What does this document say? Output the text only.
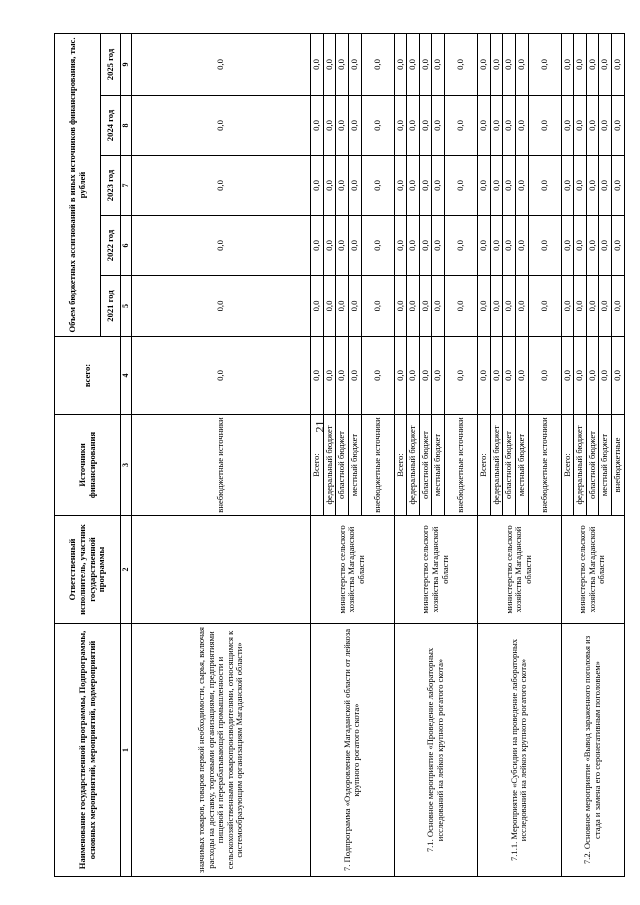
21
Наименование государственной программы, Подпрограммы, основных мероприятий, мероприятий, подмероприятий	Ответственный исполнитель, участник государственной программы	Источники финансирования	всего:	Объем бюджетных ассигнований в иных источников финансирования, тыс. рублей				
				2021 год	2022 год	2023 год	2024 год	2025 год
1	2	3	4	5	6	7	8	9
значимых товаров, товаров первой необходимости, сырья, включая расходы на доставку, торговыми организациями, предприятиями пищевой и перерабатывающей промышленности и сельскохозяйственными товаропроизводителями, относящимся к системообразующим организациям Магаданской области»		внебюджетные источники	0,0	0,0	0,0	0,0	0,0	0,0
7. Подпрограмма «Оздоровление Магаданской области от лейкоза крупного рогатого скота»	министерство сельского хозяйства Магаданской области	Всего:	0,0	0,0	0,0	0,0	0,0	0,0
		федеральный бюджет	0,0	0,0	0,0	0,0	0,0	0,0
		областной бюджет	0,0	0,0	0,0	0,0	0,0	0,0
		местный бюджет	0,0	0,0	0,0	0,0	0,0	0,0
		внебюджетные источники	0,0	0,0	0,0	0,0	0,0	0,0
7.1. Основное мероприятие «Проведение лабораторных исследований на лейкоз крупного рогатого скота»	министерство сельского хозяйства Магаданской области	Всего:	0,0	0,0	0,0	0,0	0,0	0,0
		федеральный бюджет	0,0	0,0	0,0	0,0	0,0	0,0
		областной бюджет	0,0	0,0	0,0	0,0	0,0	0,0
		местный бюджет	0,0	0,0	0,0	0,0	0,0	0,0
		внебюджетные источники	0,0	0,0	0,0	0,0	0,0	0,0
7.1.1. Мероприятие «Субсидии на проведение лабораторных исследований на лейкоз крупного рогатого скота»	министерство сельского хозяйства Магаданской области	Всего:	0,0	0,0	0,0	0,0	0,0	0,0
		федеральный бюджет	0,0	0,0	0,0	0,0	0,0	0,0
		областной бюджет	0,0	0,0	0,0	0,0	0,0	0,0
		местный бюджет	0,0	0,0	0,0	0,0	0,0	0,0
		внебюджетные источники	0,0	0,0	0,0	0,0	0,0	0,0
7.2. Основное мероприятие «Вывод зараженного поголовья из стада и замена его серонегативным поголовьем»	министерство сельского хозяйства Магаданской области	Всего:	0,0	0,0	0,0	0,0	0,0	0,0
		федеральный бюджет	0,0	0,0	0,0	0,0	0,0	0,0
		областной бюджет	0,0	0,0	0,0	0,0	0,0	0,0
		местный бюджет	0,0	0,0	0,0	0,0	0,0	0,0
		внебюджетные	0,0	0,0	0,0	0,0	0,0	0,0
